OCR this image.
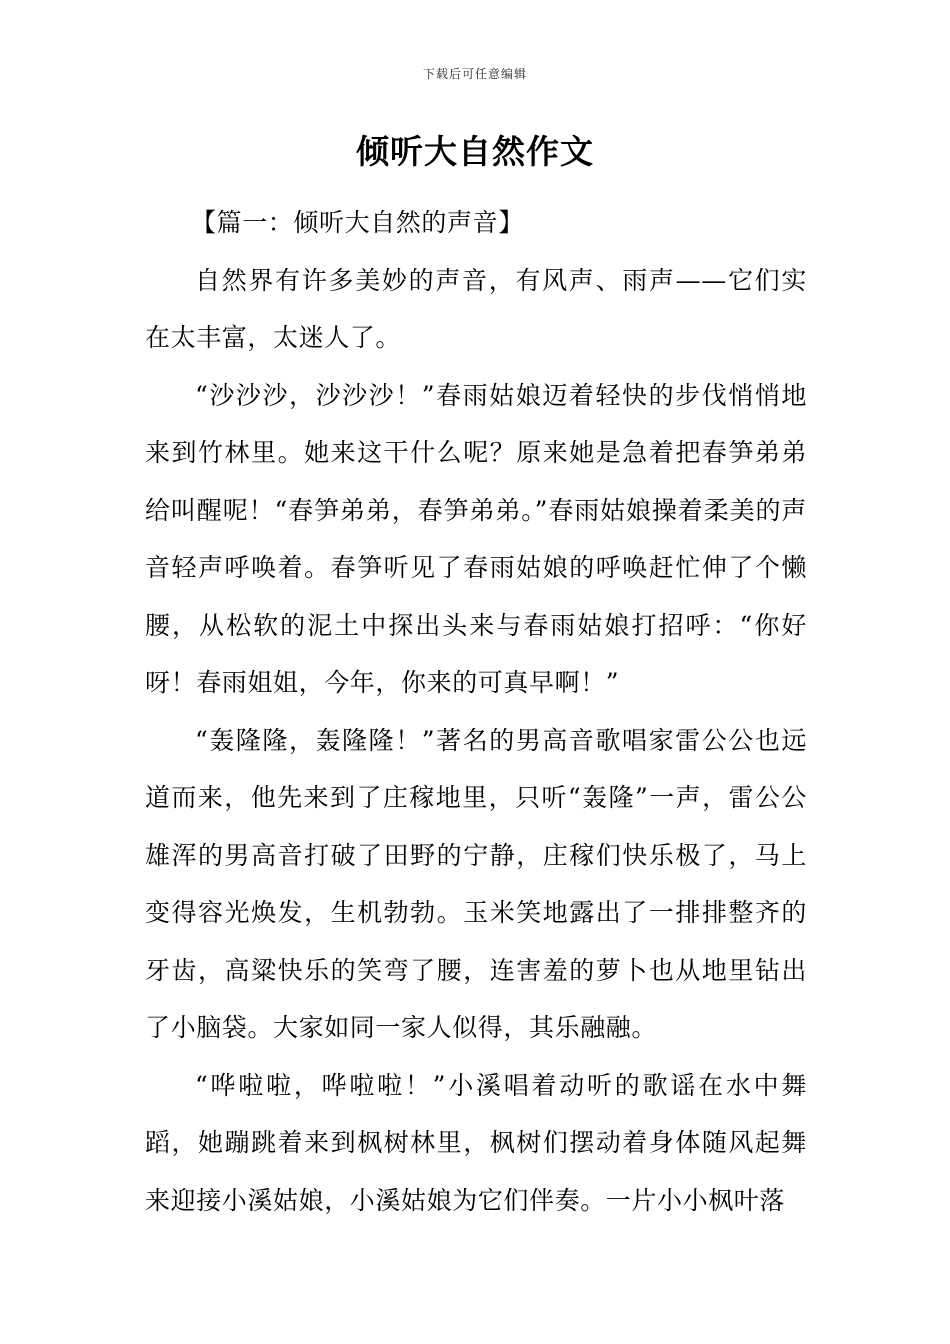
下载后可任意编辑
倾听大自然作文

【篇一：倾听大自然的声音】

自然界有许多美妙的声音，有风声、雨声——它们实在太丰富，太迷人了。

“沙沙沙，沙沙沙！”春雨姑娘迈着轻快的步伐悄悄地来到竹林里。她来这干什么呢？原来她是急着把春笋弟弟给叫醒呢！“春笋弟弟，春笋弟弟。”春雨姑娘操着柔美的声音轻声呼唤着。春笋听见了春雨姑娘的呼唤赶忙伸了个懒腰，从松软的泥土中探出头来与春雨姑娘打招呼：“你好呀！春雨姐姐，今年，你来的可真早啊！”

“轰隆隆，轰隆隆！”著名的男高音歌唱家雷公公也远道而来，他先来到了庄稼地里，只听“轰隆”一声，雷公公雄浑的男高音打破了田野的宁静，庄稼们快乐极了，马上变得容光焕发，生机勃勃。玉米笑地露出了一排排整齐的牙齿，高粱快乐的笑弯了腰，连害羞的萝卜也从地里钻出了小脑袋。大家如同一家人似得，其乐融融。

“哗啦啦，哗啦啦！”小溪唱着动听的歌谣在水中舞蹈，她蹦跳着来到枫树林里，枫树们摆动着身体随风起舞来迎接小溪姑娘，小溪姑娘为它们伴奏。一片小小枫叶落
